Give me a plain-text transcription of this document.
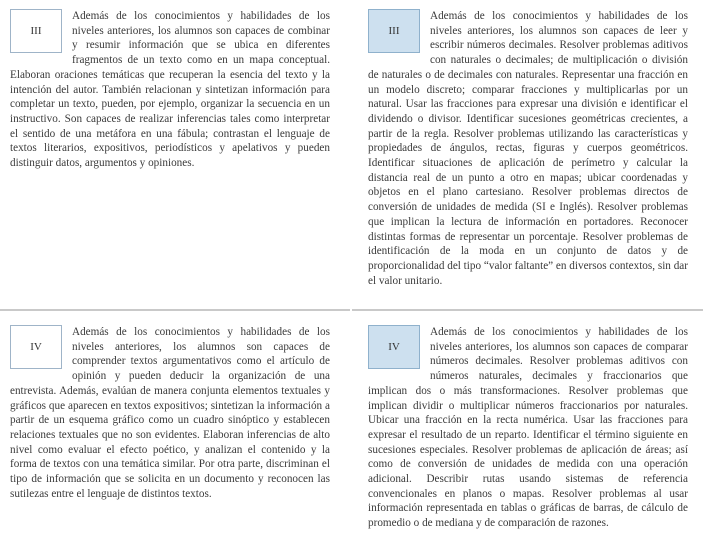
III
Además de los conocimientos y habilidades de los niveles anteriores, los alumnos son capaces de combinar y resumir información que se ubica en diferentes fragmentos de un texto como en un mapa conceptual. Elaboran oraciones temáticas que recuperan la esencia del texto y la intención del autor. También relacionan y sintetizan información para completar un texto, pueden, por ejemplo, organizar la secuencia en un instructivo. Son capaces de realizar inferencias tales como interpretar el sentido de una metáfora en una fábula; contrastan el lenguaje de textos literarios, expositivos, periodísticos y apelativos y pueden distinguir datos, argumentos y opiniones.
III
Además de los conocimientos y habilidades de los niveles anteriores, los alumnos son capaces de leer y escribir números decimales. Resolver problemas aditivos con naturales o decimales; de multiplicación o división de naturales o de decimales con naturales. Representar una fracción en un modelo discreto; comparar fracciones y multiplicarlas por un natural. Usar las fracciones para expresar una división e identificar el dividendo o divisor. Identificar sucesiones geométricas crecientes, a partir de la regla. Resolver problemas utilizando las características y propiedades de ángulos, rectas, figuras y cuerpos geométricos. Identificar situaciones de aplicación de perímetro y calcular la distancia real de un punto a otro en mapas; ubicar coordenadas y objetos en el plano cartesiano. Resolver problemas directos de conversión de unidades de medida (SI e Inglés). Resolver problemas que implican la lectura de información en portadores. Reconocer distintas formas de representar un porcentaje. Resolver problemas de identificación de la moda en un conjunto de datos y de proporcionalidad del tipo “valor faltante” en diversos contextos, sin dar el valor unitario.
IV
Además de los conocimientos y habilidades de los niveles anteriores, los alumnos son capaces de comprender textos argumentativos como el artículo de opinión y pueden deducir la organización de una entrevista. Además, evalúan de manera conjunta elementos textuales y gráficos que aparecen en textos expositivos; sintetizan la información a partir de un esquema gráfico como un cuadro sinóptico y establecen relaciones textuales que no son evidentes. Elaboran inferencias de alto nivel como evaluar el efecto poético, y analizan el contenido y la forma de textos con una temática similar. Por otra parte, discriminan el tipo de información que se solicita en un documento y reconocen las sutilezas entre el lenguaje de distintos textos.
IV
Además de los conocimientos y habilidades de los niveles anteriores, los alumnos son capaces de comparar números decimales. Resolver problemas aditivos con números naturales, decimales y fraccionarios que implican dos o más transformaciones. Resolver problemas que implican dividir o multiplicar números fraccionarios por naturales. Ubicar una fracción en la recta numérica. Usar las fracciones para expresar el resultado de un reparto. Identificar el término siguiente en sucesiones especiales. Resolver problemas de aplicación de áreas; así como de conversión de unidades de medida con una operación adicional. Describir rutas usando sistemas de referencia convencionales en planos o mapas. Resolver problemas al usar información representada en tablas o gráficas de barras, de cálculo de promedio o de mediana y de comparación de razones.
